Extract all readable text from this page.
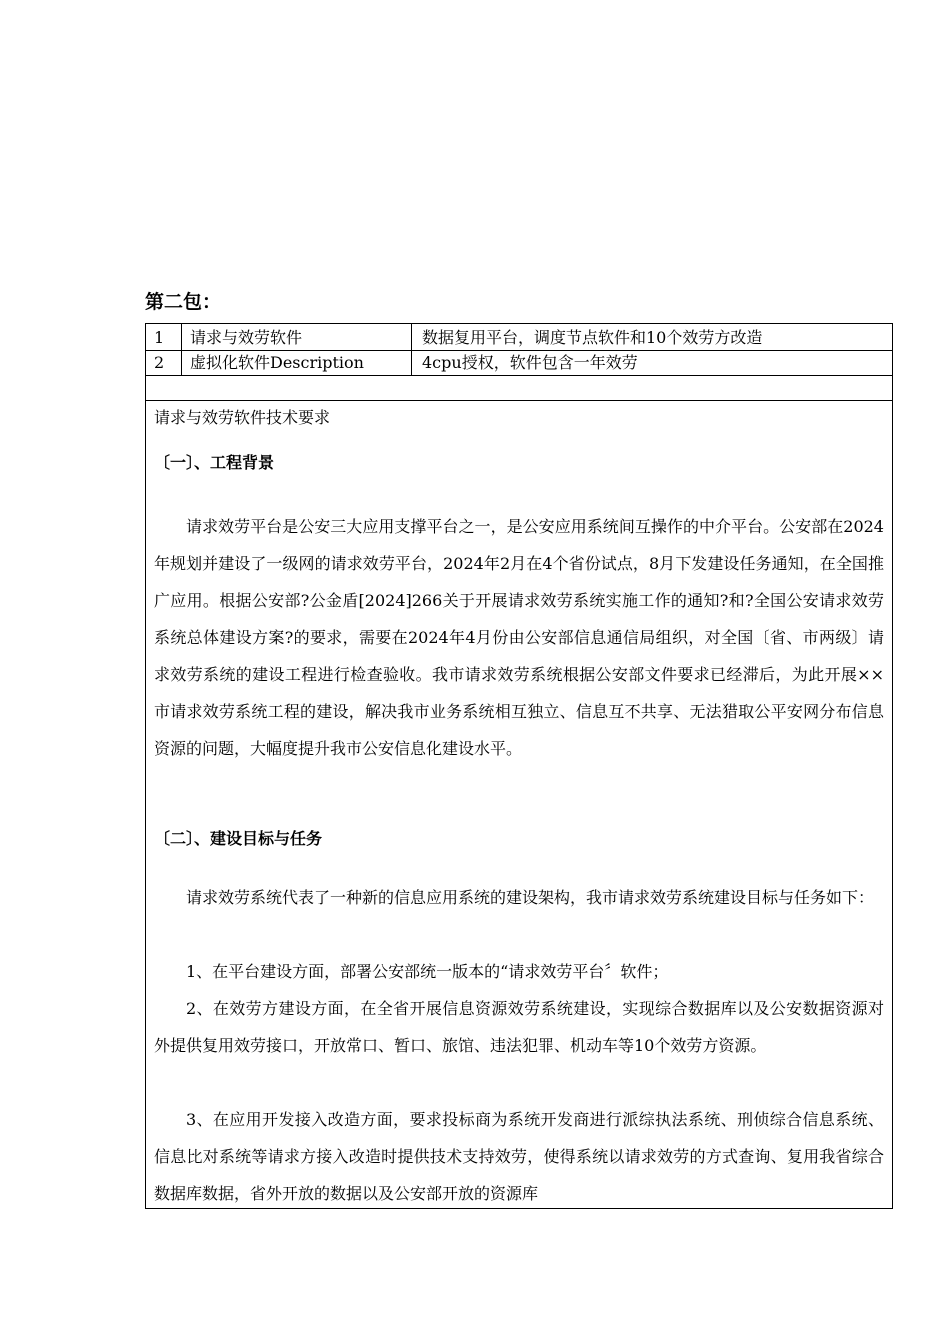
第二包：
1	请求与效劳软件	数据复用平台，调度节点软件和10个效劳方改造
2	虚拟化软件Description	4cpu授权，软件包含一年效劳

请求与效劳软件技术要求

〔一〕、工程背景

请求效劳平台是公安三大应用支撑平台之一，是公安应用系统间互操作的中介平台。公安部在2024年规划并建设了一级网的请求效劳平台，2024年2月在4个省份试点，8月下发建设任务通知，在全国推广应用。根据公安部?公金盾[2024]266关于开展请求效劳系统实施工作的通知?和?全国公安请求效劳系统总体建设方案?的要求，需要在2024年4月份由公安部信息通信局组织，对全国〔省、市两级〕请求效劳系统的建设工程进行检查验收。我市请求效劳系统根据公安部文件要求已经滞后，为此开展××市请求效劳系统工程的建设，解决我市业务系统相互独立、信息互不共享、无法猎取公平安网分布信息资源的问题，大幅度提升我市公安信息化建设水平。

〔二〕、建设目标与任务

请求效劳系统代表了一种新的信息应用系统的建设架构，我市请求效劳系统建设目标与任务如下：

1、在平台建设方面，部署公安部统一版本的“请求效劳平台〞软件；

2、在效劳方建设方面，在全省开展信息资源效劳系统建设，实现综合数据库以及公安数据资源对外提供复用效劳接口，开放常口、暂口、旅馆、违法犯罪、机动车等10个效劳方资源。

3、在应用开发接入改造方面，要求投标商为系统开发商进行派综执法系统、刑侦综合信息系统、信息比对系统等请求方接入改造时提供技术支持效劳，使得系统以请求效劳的方式查询、复用我省综合数据库数据，省外开放的数据以及公安部开放的资源库
